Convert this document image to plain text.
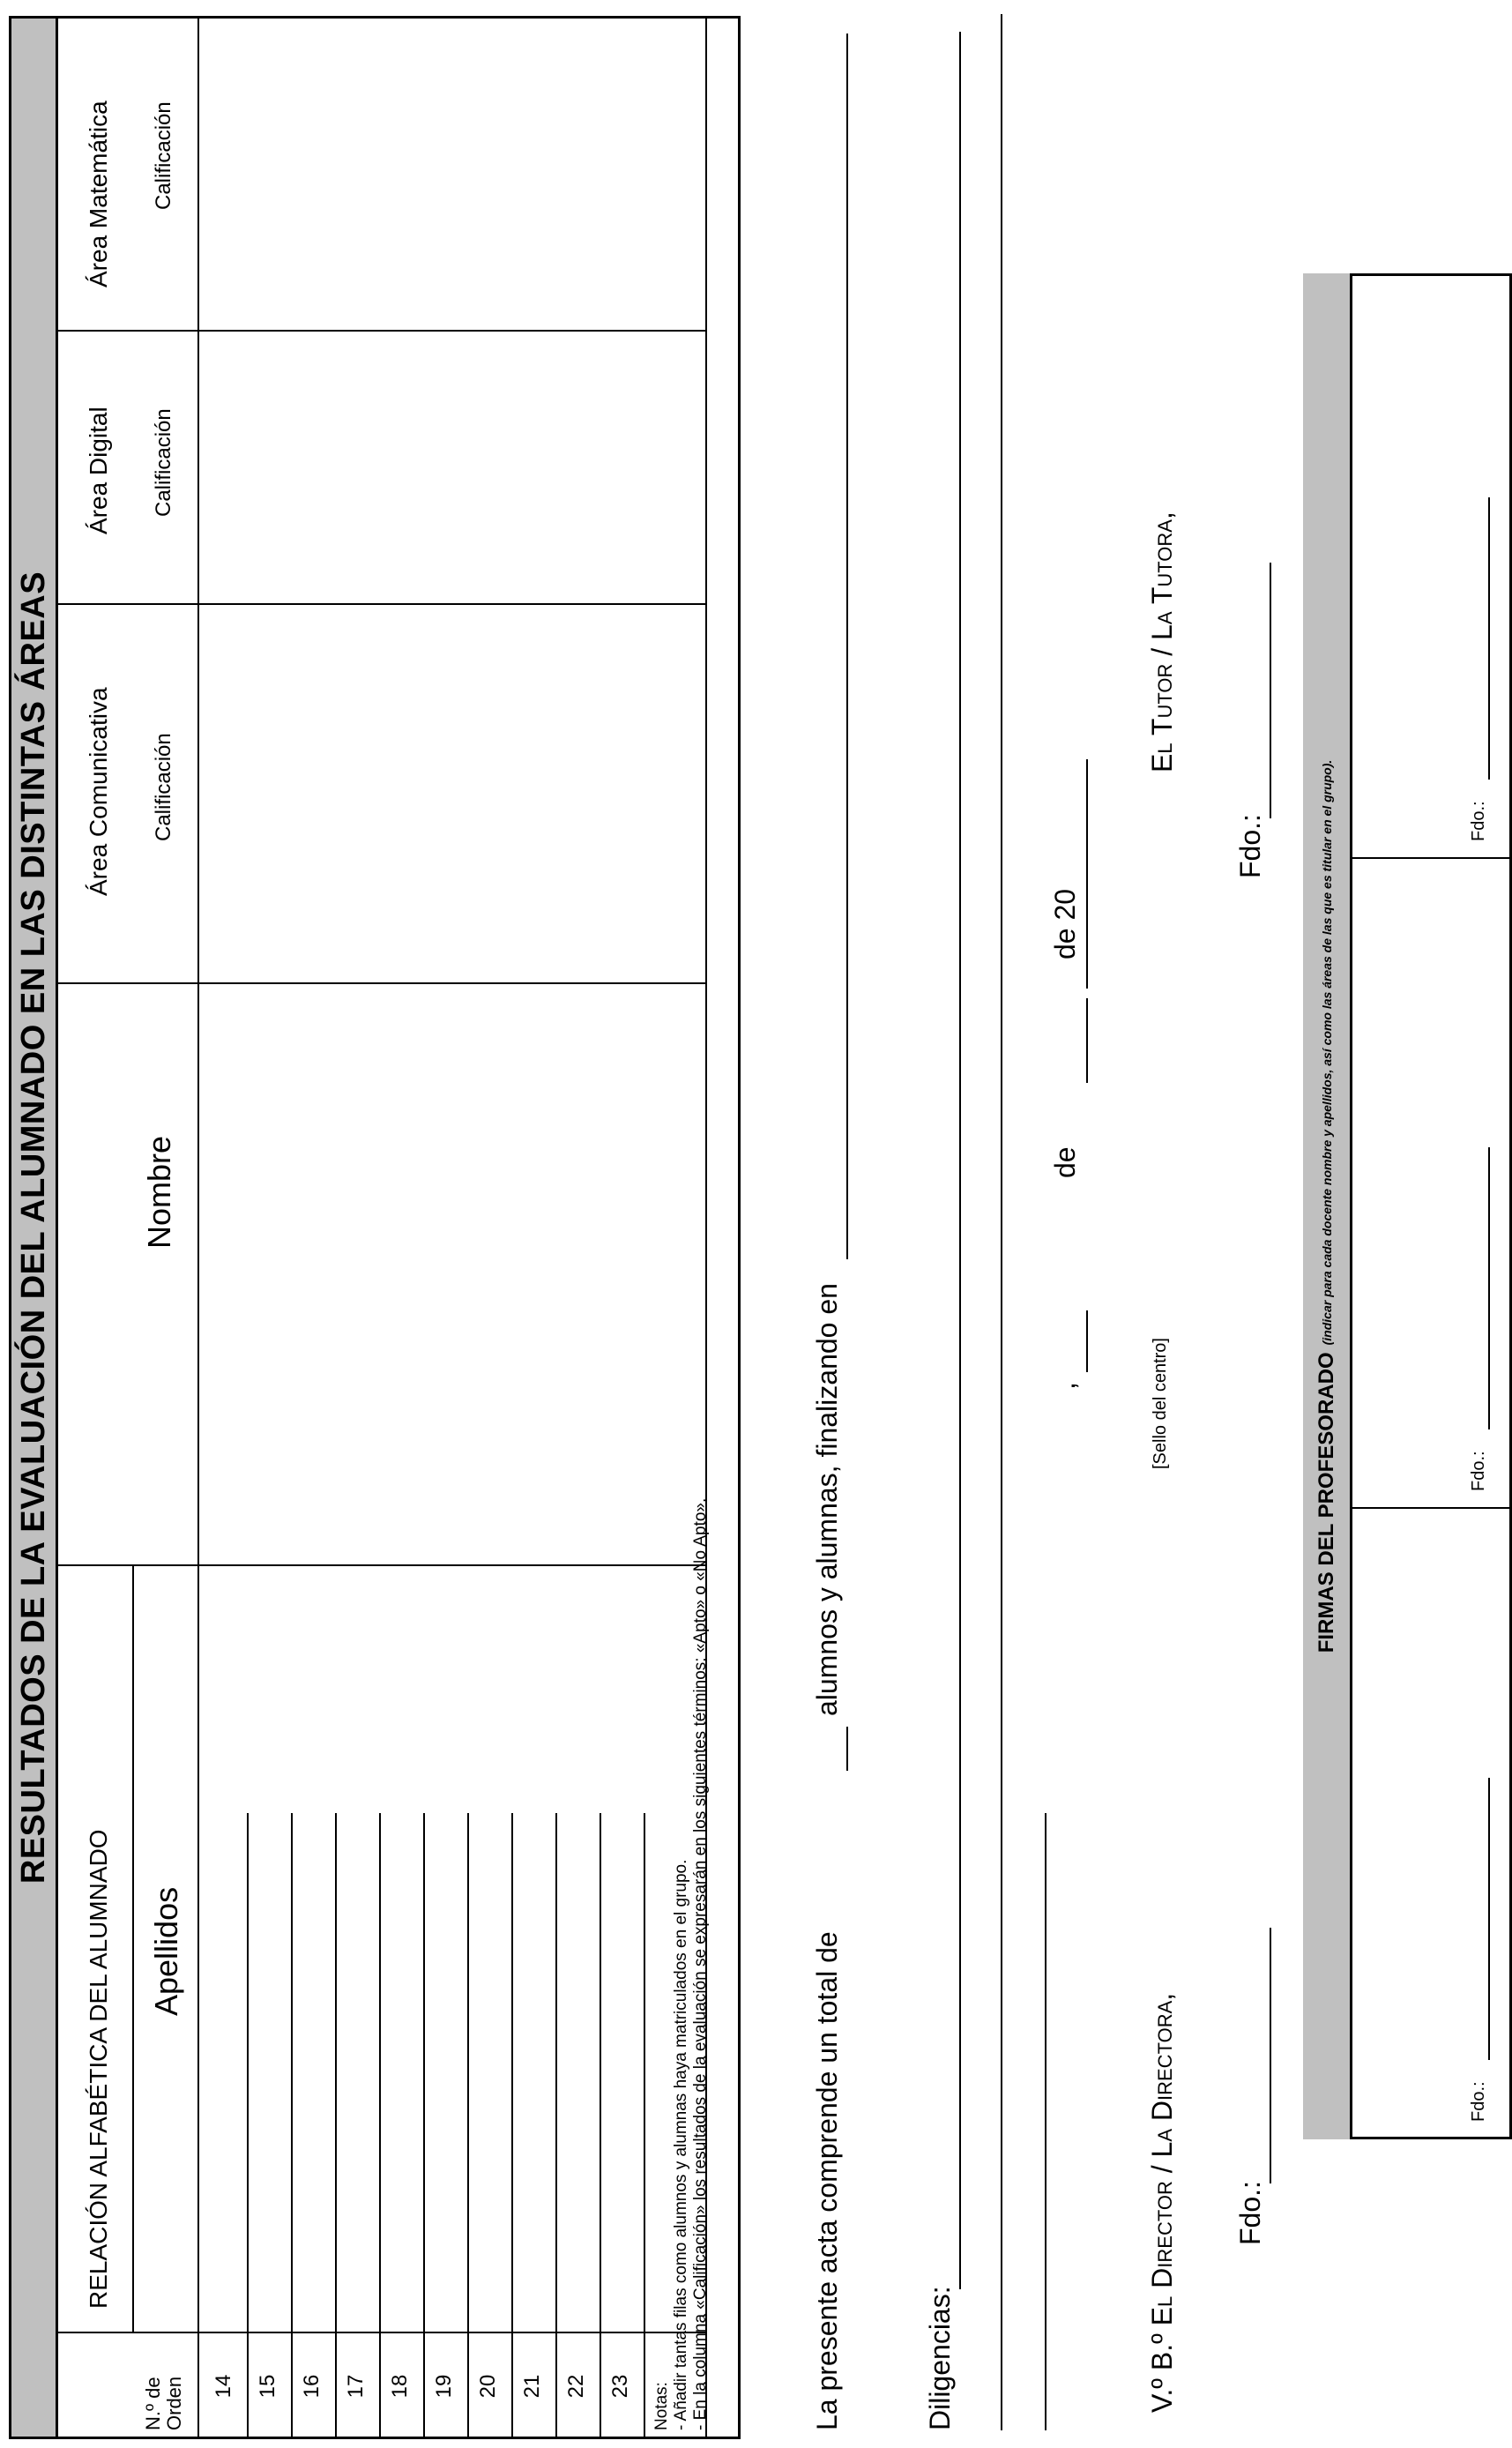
RESULTADOS DE LA EVALUACIÓN DEL ALUMNADO EN LAS DISTINTAS ÁREAS
RELACIÓN ALFABÉTICA DEL ALUMNADO
N.º de Orden
Apellidos
Nombre
Área Comunicativa Calificación
Área Digital Calificación
Área Matemática Calificación
14 15 16 17 18 19 20 21 22 23 Notas: - Añadir tantas filas como alumnos y alumnas haya matriculados en el grupo. - En la columna «Calificación» los resultados de la evaluación se expresarán en los siguientes términos: «Apto» o «No Apto».	La presente acta comprende un total de
alumnos y alumnas, finalizando en
Diligencias:
,
de
de 20
V.º B.º El Director / La Directora, Fdo.:
[Sello del centro]
El Tutor / La Tutora,
Fdo.:
FIRMAS DEL PROFESORADO
(indicar para cada docente nombre y apellidos, así como las áreas de las que es titular en el grupo).
Fdo.:
Fdo.:
Fdo.:
